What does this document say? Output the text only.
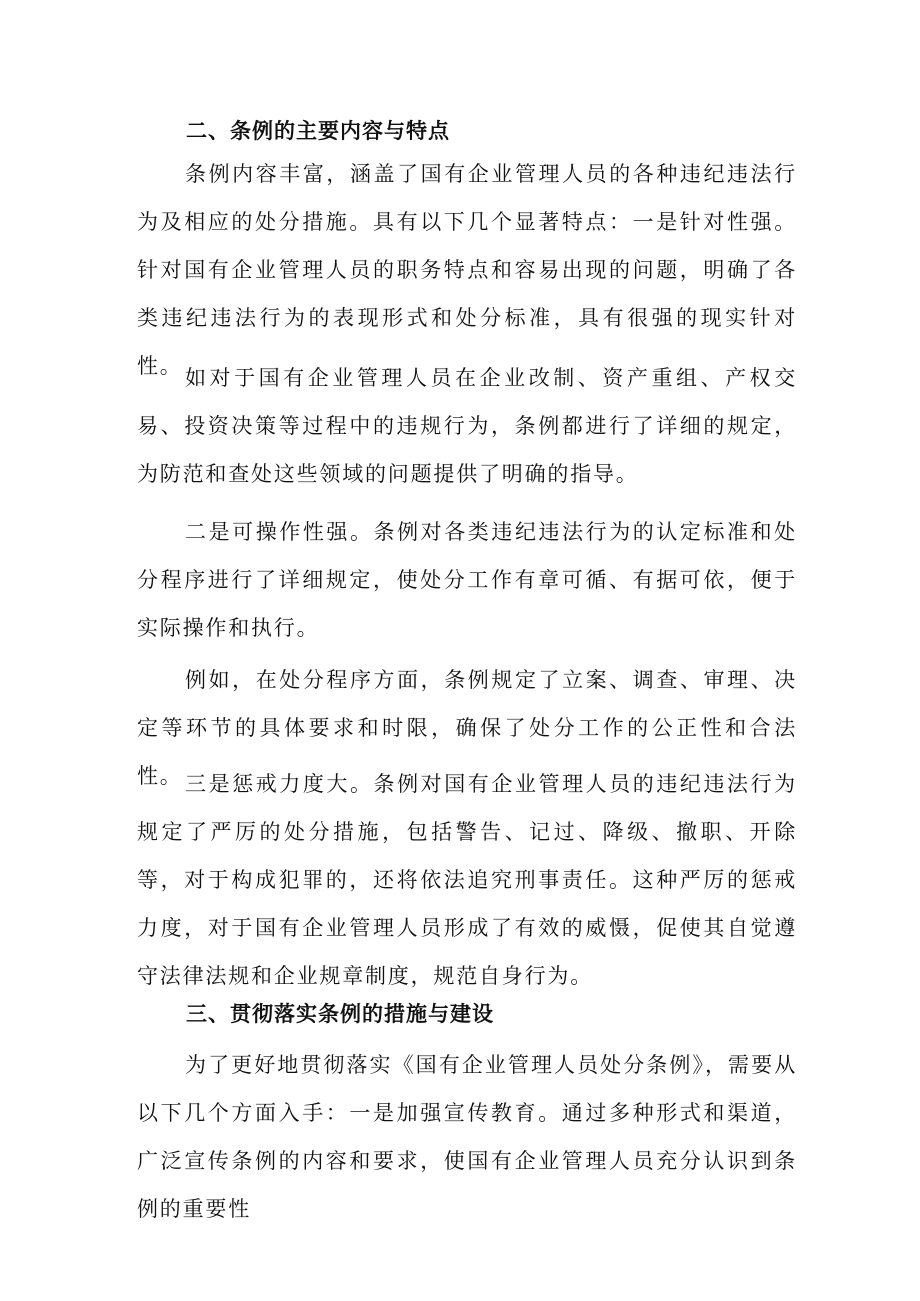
二、条例的主要内容与特点

条例内容丰富，涵盖了国有企业管理人员的各种违纪违法行为及相应的处分措施。具有以下几个显著特点：一是针对性强。针对国有企业管理人员的职务特点和容易出现的问题，明确了各类违纪违法行为的表现形式和处分标准，具有很强的现实针对性。 如对于国有企业管理人员在企业改制、资产重组、产权交易、投资决策等过程中的违规行为，条例都进行了详细的规定，为防范和查处这些领域的问题提供了明确的指导。

二是可操作性强。条例对各类违纪违法行为的认定标准和处分程序进行了详细规定，使处分工作有章可循、有据可依，便于实际操作和执行。

例如，在处分程序方面，条例规定了立案、调查、审理、决定等环节的具体要求和时限，确保了处分工作的公正性和合法性。 三是惩戒力度大。条例对国有企业管理人员的违纪违法行为规定了严厉的处分措施，包括警告、记过、降级、撤职、开除等，对于构成犯罪的，还将依法追究刑事责任。这种严厉的惩戒力度，对于国有企业管理人员形成了有效的威慑，促使其自觉遵守法律法规和企业规章制度，规范自身行为。

三、贯彻落实条例的措施与建设

为了更好地贯彻落实《国有企业管理人员处分条例》，需要从以下几个方面入手：一是加强宣传教育。通过多种形式和渠道，广泛宣传条例的内容和要求，使国有企业管理人员充分认识到条例的重要性
